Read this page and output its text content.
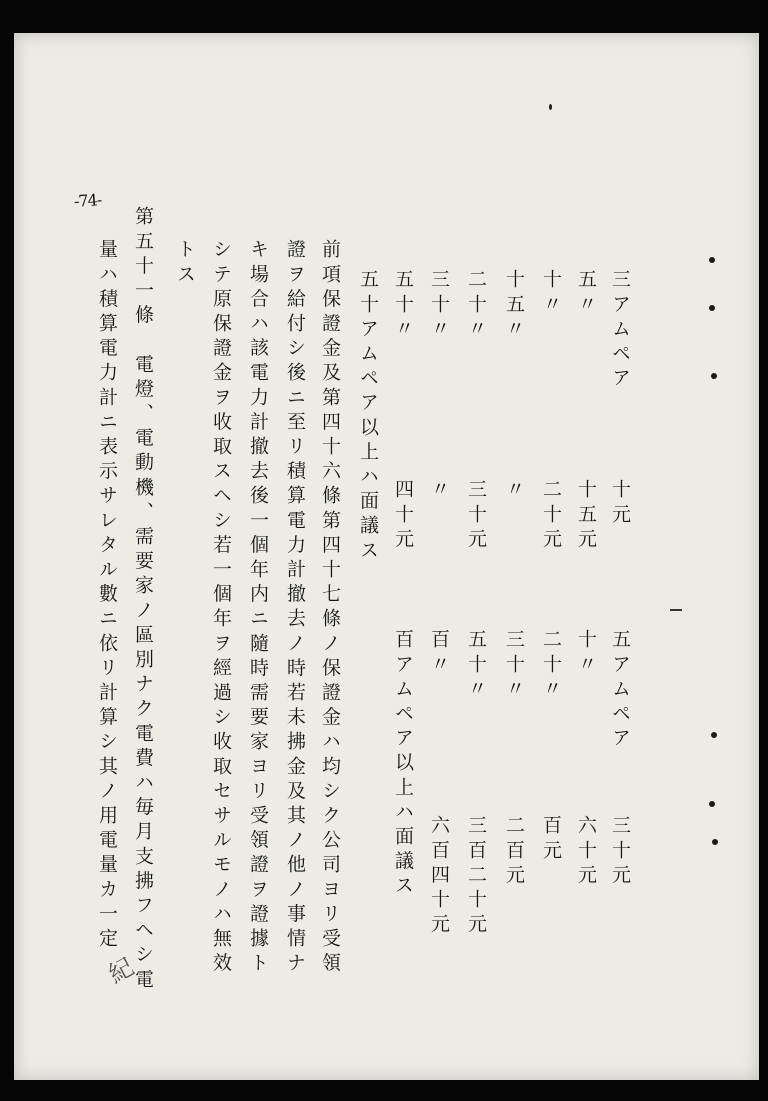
-74-
三アムペア
五〃
十〃
十五〃
二十〃
三十〃
五十〃
十元
十五元
二十元
〃
三十元
〃
四十元
五アムペア
十〃
二十〃
三十〃
五十〃
百〃
百アムペア以上ハ面議ス	三十元
六十元
百元
二百元
三百二十元
六百四十元
五十アムペア以上ハ面議ス
前項保證金及第四十六條第四十七條ノ保證金ハ均シク公司ヨリ受領
證ヲ給付シ後ニ至リ積算電力計撤去ノ時若未拂金及其ノ他ノ事情ナ
キ場合ハ該電力計撤去後一個年内ニ隨時需要家ヨリ受領證ヲ證據ト
シテ原保證金ヲ收取スヘシ若一個年ヲ經過シ收取セサルモノハ無效
トス
第五十一條　電燈、電動機、需要家ノ區別ナク電費ハ毎月支拂フヘシ電
量ハ積算電力計ニ表示サレタル數ニ依リ計算シ其ノ用電量カ一定
紀
